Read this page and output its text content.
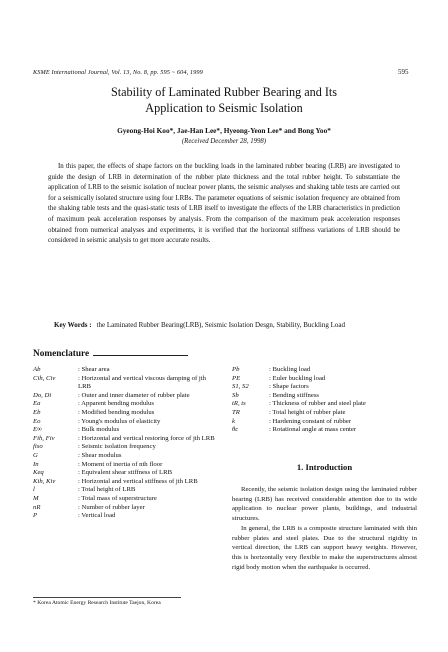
KSME International Journal, Vol. 13, No. 8, pp. 595 ~ 604, 1999	595
Stability of Laminated Rubber Bearing and Its
Application to Seismic Isolation
Gyeong-Hoi Koo*, Jae-Han Lee*, Hyeong-Yeon Lee* and Bong Yoo*
(Received December 28, 1998)
In this paper, the effects of shape factors on the buckling loads in the laminated rubber bearing (LRB) are investigated to guide the design of LRB in determination of the rubber plate thickness and the total rubber height. To substantiate the application of LRB to the seismic isolation of nuclear power plants, the seismic analyses and shaking table tests are carried out for a seismically isolated structure using four LRBs. The parameter equations of seismic isolation frequency are obtained from the shaking table tests and the quasi-static tests of LRB itself to investigate the effects of the LRB characteristics in prediction of maximum peak acceleration responses by analysis. From the comparison of the maximum peak acceleration responses obtained from numerical analyses and experiments, it is verified that the horizontal stiffness variations of LRB should be considered in seismic analysis to get more accurate results.
Key Words : the Laminated Rubber Bearing(LRB), Seismic Isolation Desgn, Stability, Buckling Load
Nomenclature
Ab	: Shear area
Cih, Civ	: Horizontal and vertical viscous damping of jth LRB
Do, Di	: Outer and inner diameter of rubber plate
Ea	: Apparent bending modulus
Eb	: Modified bending modulus
Eo	: Young's modulus of elasticity
E∞	: Bulk modulus
Fih, Fiv	: Horizontal and vertical restoring force of jth LRB
fiso	: Seismic isolation frequency
G	: Shear modulus
In	: Moment of inertia of nth floor
Keq	: Equivalent shear stiffness of LRB
Kih, Kiv	: Horizontal and vertical stiffness of jth LRB
l	: Total height of LRB
M	: Total mass of superstructure
nR	: Number of rubber layer
P	: Vertical load
Pb	: Buckling load
PE	: Euler buckling load
S1, S2	: Shape factors
Sb	: Bending stiffness
tR, ts	: Thickness of rubber and steel plate
TR	: Total height of rubber plate
k	: Hardening constant of rubber
θc	: Rotational angle at mass center
1. Introduction

Recently, the seismic isolation design using the laminated rubber bearing (LRB) has received considerable attention due to its wide application to nuclear power plants, buildings, and industrial structures.

In general, the LRB is a composite structure laminated with thin rubber plates and steel plates. Due to the structural rigidity in vertical direction, the LRB can support heavy weights. However, this is horizontally very flexible to make the superstructures almost rigid body motion when the earthquake is occurred.

* Korea Atomic Energy Research Institute Taejon, Korea
